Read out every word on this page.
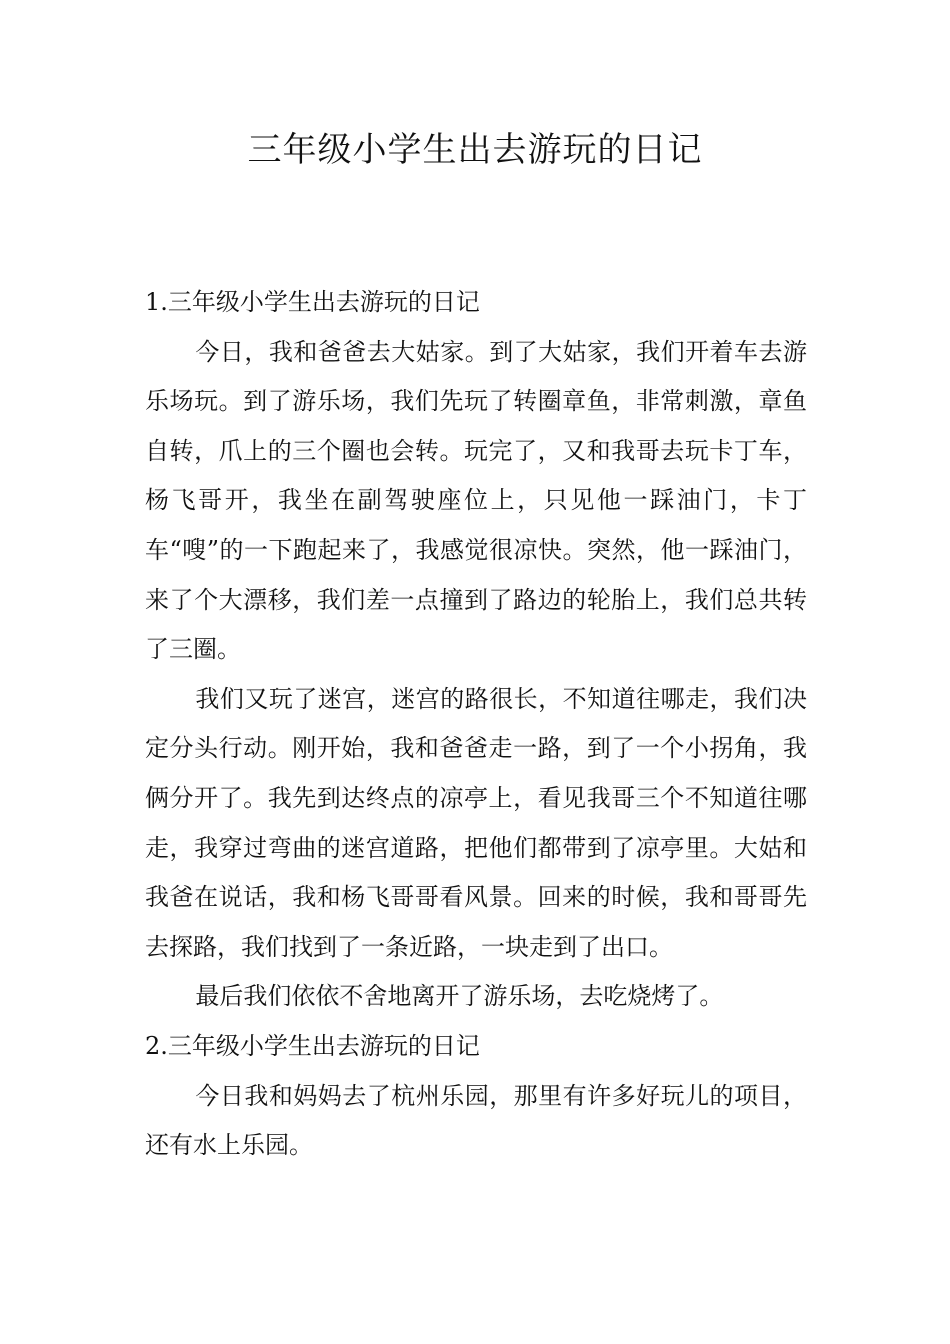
三年级小学生出去游玩的日记
1.三年级小学生出去游玩的日记

今日，我和爸爸去大姑家。到了大姑家，我们开着车去游乐场玩。到了游乐场，我们先玩了转圈章鱼，非常刺激，章鱼自转，爪上的三个圈也会转。玩完了，又和我哥去玩卡丁车，杨飞哥开，我坐在副驾驶座位上，只见他一踩油门，卡丁车“嗖”的一下跑起来了，我感觉很凉快。突然，他一踩油门，来了个大漂移，我们差一点撞到了路边的轮胎上，我们总共转了三圈。

我们又玩了迷宫，迷宫的路很长，不知道往哪走，我们决定分头行动。刚开始，我和爸爸走一路，到了一个小拐角，我俩分开了。我先到达终点的凉亭上，看见我哥三个不知道往哪走，我穿过弯曲的迷宫道路，把他们都带到了凉亭里。大姑和我爸在说话，我和杨飞哥哥看风景。回来的时候，我和哥哥先去探路，我们找到了一条近路，一块走到了出口。

最后我们依依不舍地离开了游乐场，去吃烧烤了。

2.三年级小学生出去游玩的日记

今日我和妈妈去了杭州乐园，那里有许多好玩儿的项目，还有水上乐园。
